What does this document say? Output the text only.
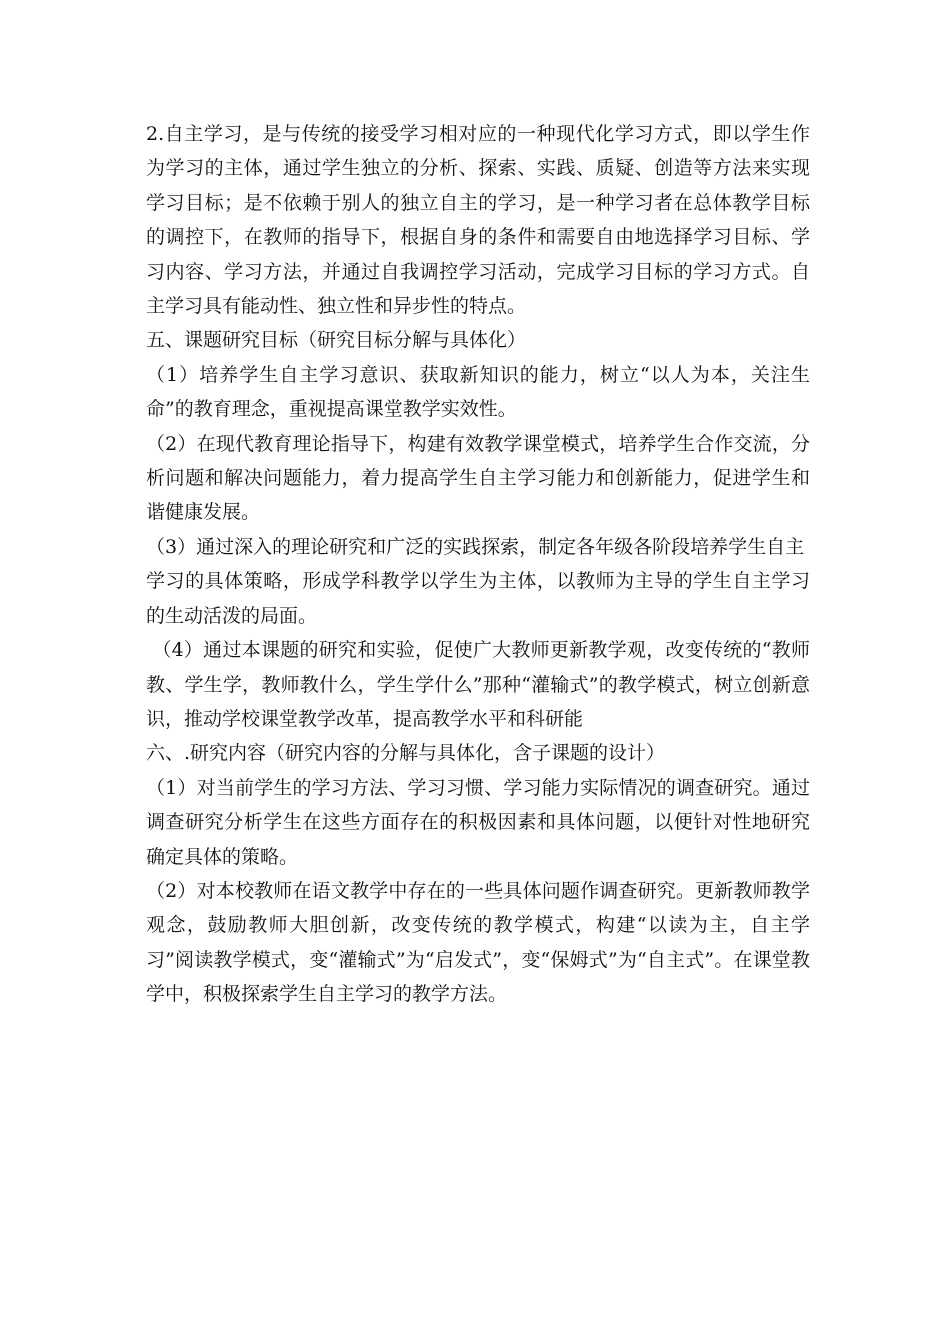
2.自主学习，是与传统的接受学习相对应的一种现代化学习方式，即以学生作为学习的主体，通过学生独立的分析、探索、实践、质疑、创造等方法来实现学习目标；是不依赖于别人的独立自主的学习，是一种学习者在总体教学目标的调控下，在教师的指导下，根据自身的条件和需要自由地选择学习目标、学习内容、学习方法，并通过自我调控学习活动，完成学习目标的学习方式。自主学习具有能动性、独立性和异步性的特点。

五、课题研究目标（研究目标分解与具体化）

（1）培养学生自主学习意识、获取新知识的能力，树立“以人为本，关注生命”的教育理念，重视提高课堂教学实效性。

（2）在现代教育理论指导下，构建有效教学课堂模式，培养学生合作交流，分析问题和解决问题能力，着力提高学生自主学习能力和创新能力，促进学生和谐健康发展。

（3）通过深入的理论研究和广泛的实践探索，制定各年级各阶段培养学生自主

学习的具体策略，形成学科教学以学生为主体，以教师为主导的学生自主学习的生动活泼的局面。

（4）通过本课题的研究和实验，促使广大教师更新教学观，改变传统的“教师教、学生学，教师教什么，学生学什么”那种“灌输式”的教学模式，树立创新意识，推动学校课堂教学改革，提高教学水平和科研能

六、.研究内容（研究内容的分解与具体化，含子课题的设计）

（1）对当前学生的学习方法、学习习惯、学习能力实际情况的调查研究。通过调查研究分析学生在这些方面存在的积极因素和具体问题，以便针对性地研究确定具体的策略。

（2）对本校教师在语文教学中存在的一些具体问题作调查研究。更新教师教学观念，鼓励教师大胆创新，改变传统的教学模式，构建“以读为主，自主学习”阅读教学模式，变“灌输式”为“启发式”，变“保姆式”为“自主式”。在课堂教学中，积极探索学生自主学习的教学方法。
